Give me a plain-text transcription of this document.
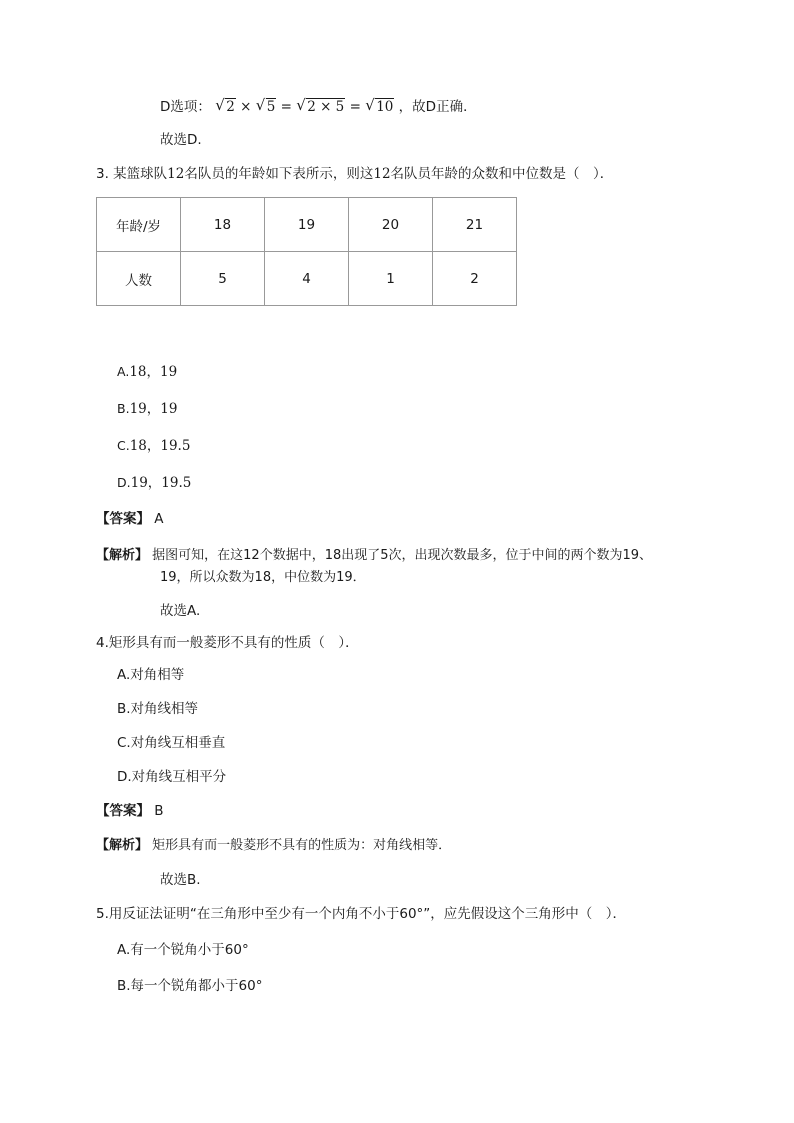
D选项： √ 2 × √ 5 = √ 2 × 5 = √ 10 ，故D正确．
故选D.
3. 某篮球队12名队员的年龄如下表所示，则这12名队员年龄的众数和中位数是（　）．
年龄/岁	18	19	20	21
人数	5	4	1	2
A.18，19
B.19，19
C.18，19.5
D.19，19.5
【答案】 A
【解析】 据图可知，在这12个数据中，18出现了5次，出现次数最多，位于中间的两个数为19、
19，所以众数为18，中位数为19．
故选A.
4.矩形具有而一般菱形不具有的性质（　）．
A.对角相等
B.对角线相等
C.对角线互相垂直
D.对角线互相平分
【答案】 B
【解析】 矩形具有而一般菱形不具有的性质为：对角线相等．
故选B.
5.用反证法证明“在三角形中至少有一个内角不小于60°”，应先假设这个三角形中（　）．
A.有一个锐角小于60°
B.每一个锐角都小于60°
